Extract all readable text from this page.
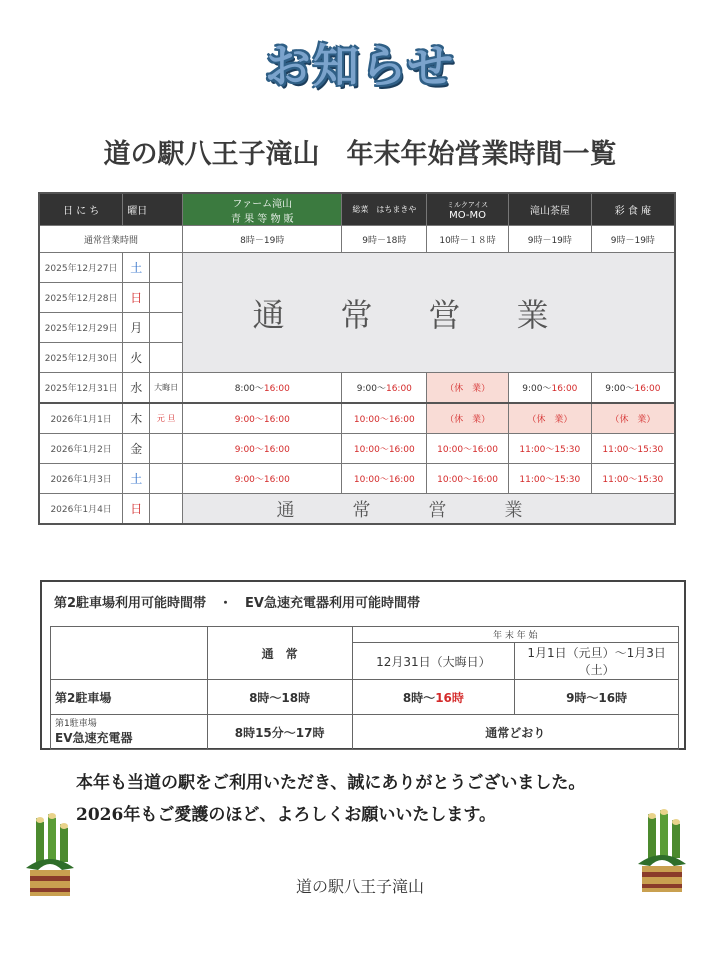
お知らせ
道の駅八王子滝山　年末年始営業時間一覧
日 に ち	曜日		ファーム滝山
青 果 等 物 販	総菜　はちまきや	ミルクアイス
MO-MO	滝山茶屋	彩 食 庵
通常営業時間			8時－19時	9時－18時	10時－１８時	9時－19時	9時－19時
2025年12月27日	土		通常営業				
2025年12月28日	日						
2025年12月29日	月						
2025年12月30日	火						
2025年12月31日	水	大晦日	8:00～16:00	9:00～16:00	（休　業）	9:00～16:00	9:00～16:00
2026年1月1日	木	元 旦	9:00～16:00	10:00～16:00	（休　業）	（休　業）	（休　業）
2026年1月2日	金		9:00～16:00	10:00～16:00	10:00～16:00	11:00～15:30	11:00～15:30
2026年1月3日	土		9:00～16:00	10:00～16:00	10:00～16:00	11:00～15:30	11:00～15:30
2026年1月4日	日		通常営業				
第2駐車場利用可能時間帯　・　EV急速充電器利用可能時間帯
	通　常	年 末 年 始	
		12月31日（大晦日）	1月1日（元旦）～1月3日（土）
第2駐車場	8時～18時	8時～16時	9時～16時

第1駐車場
EV急速充電器	8時15分～17時	通常どおり	
本年も当道の駅をご利用いただき、誠にありがとうございました。
2026年もご愛護のほど、よろしくお願いいたします。
道の駅八王子滝山
